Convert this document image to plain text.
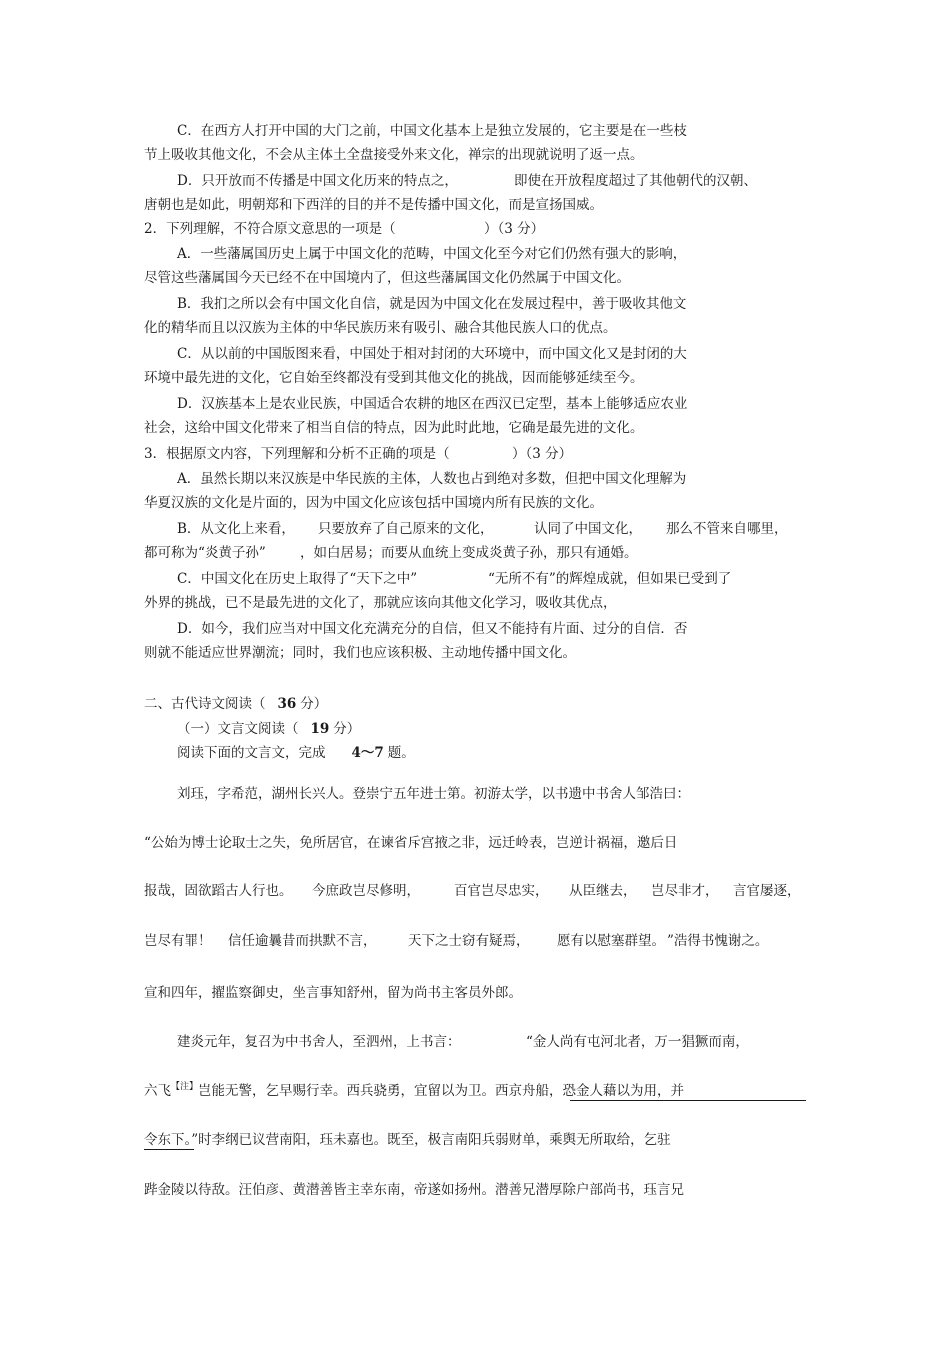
C．在西方人打开中国的大门之前，中国文化基本上是独立发展的，它主要是在一些枝
节上吸收其他文化，不会从主体土全盘接受外来文化，禅宗的出现就说明了返一点。
D．只开放而不传播是中国文化历来的特点之，	即使在开放程度超过了其他朝代的汉朝、
唐朝也是如此，明朝郑和下西洋的目的并不是传播中国文化，而是宣扬国威。
2．下列理解，不符合原文意思的一项是（	）（3 分）
A．一些藩属国历史上属于中国文化的范畴，中国文化至今对它们仍然有强大的影响，
尽管这些藩属国今天已经不在中国境内了，但这些藩属国文化仍然属于中国文化。
B．我扪之所以会有中国文化自信，就是因为中国文化在发展过程中，善于吸收其他文
化的精华而且以汉族为主体的中华民族历来有吸引、融合其他民族人口的优点。
C．从以前的中国版图来看，中国处于相对封闭的大环境中，而中国文化又是封闭的大
环境中最先进的文化，它自始至终都没有受到其他文化的挑战，因而能够延续至今。
D．汉族基本上是农业民族，中国适合农耕的地区在西汉已定型，基本上能够适应农业
社会，这给中国文化带来了相当自信的特点，因为此时此地，它确是最先进的文化。
3．根据原文内容，下列理解和分析不正确的项是（	）（3 分）
A．虽然长期以来汉族是中华民族的主体，人数也占到绝对多数，但把中国文化理解为
华夏汉族的文化是片面的，因为中国文化应该包括中国境内所有民族的文化。
B．从文化上来看， 只要放弃了自己原来的文化，	认同了中国文化， 那么不管来自哪里，
都可称为“炎黄子孙”	，如白居易；而要从血统上变成炎黄子孙，那只有通婚。
C．中国文化在历史上取得了“天下之中”	“无所不有”的辉煌成就，但如果已受到了
外界的挑战，已不是最先进的文化了，那就应该向其他文化学习，吸收其优点，
D．如今，我们应当对中国文化充满充分的自信，但又不能持有片面、过分的自信．否
则就不能适应世界潮流；同时，我们也应该积极、主动地传播中国文化。
二、古代诗文阅读（ 36 分）
（一）文言文阅读（ 19 分）
阅读下面的文言文，完成 4～7 题。
刘珏，字希范，湖州长兴人。登崇宁五年进士第。初游太学，以书遗中书舍人邹浩曰：
“公始为博士论取士之失，免所居官，在谏省斥宫掖之非，远迁岭表，岂逆计祸福，邀后日
报哉，固欲蹈古人行也。 今庶政岂尽修明，	百官岂尽忠实， 从臣继去， 岂尽非才， 言官屡逐，
岂尽有罪！ 信任逾曩昔而拱默不言， 天下之士窃有疑焉， 愿有以慰塞群望。 ”浩得书愧谢之。
宣和四年，擢监察御史，坐言事知舒州，留为尚书主客员外郎。
建炎元年，复召为中书舍人，至泗州，上书言：	“金人尚有屯河北者，万一猖獗而南，
六飞$^{【注】}$岂能无警，乞早赐行幸。西兵骁勇，宜留以为卫。西京舟船，恐金人藉以为用，并
令东下。”时李纲已议营南阳，珏未嘉也。既至，极言南阳兵弱财单，乘舆无所取给，乞驻
跸金陵以待敌。汪伯彦、黄潜善皆主幸东南，帝遂如扬州。潜善兄潜厚除户部尚书，珏言兄
